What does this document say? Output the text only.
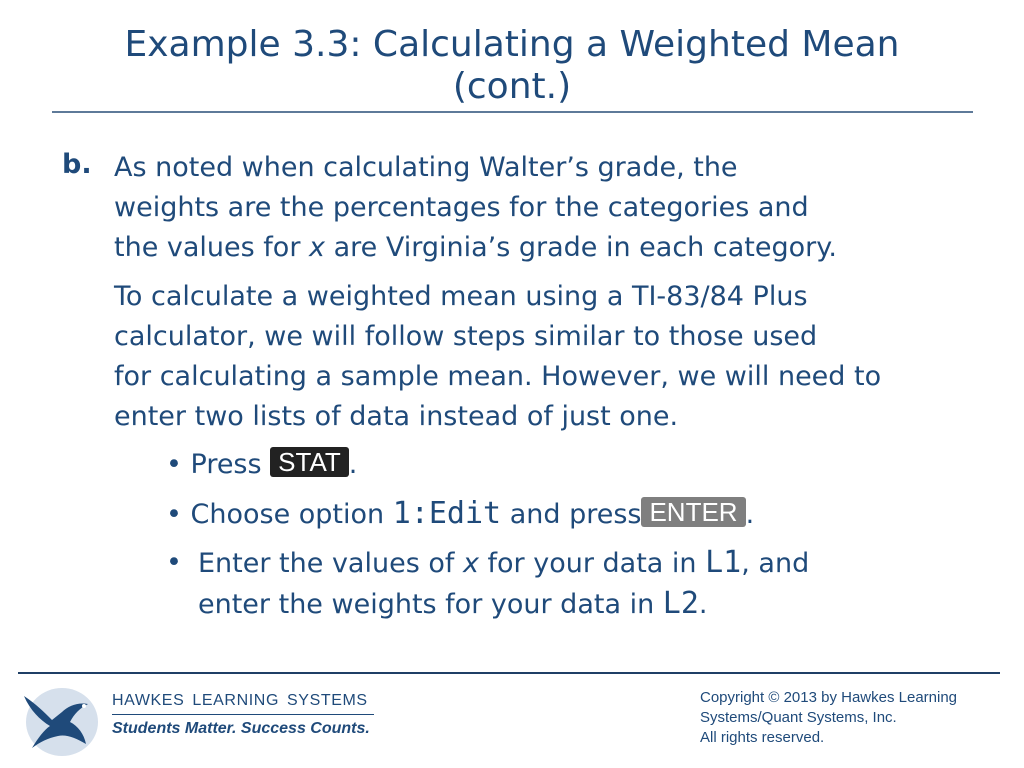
Example 3.3: Calculating a Weighted Mean
(cont.)
b. As noted when calculating Walter’s grade, the
weights are the percentages for the categories and
the values for x are Virginia’s grade in each category.
To calculate a weighted mean using a TI-83/84 Plus
calculator, we will follow steps similar to those used
for calculating a sample mean. However, we will need to
enter two lists of data instead of just one.
• Press STAT .
• Choose option 1:Edit and press ENTER .
• Enter the values of x for your data in L1, and
enter the weights for your data in L2.
HAWKES LEARNING SYSTEMS
Students Matter. Success Counts.
Copyright © 2013 by Hawkes Learning
Systems/Quant Systems, Inc.
All rights reserved.
